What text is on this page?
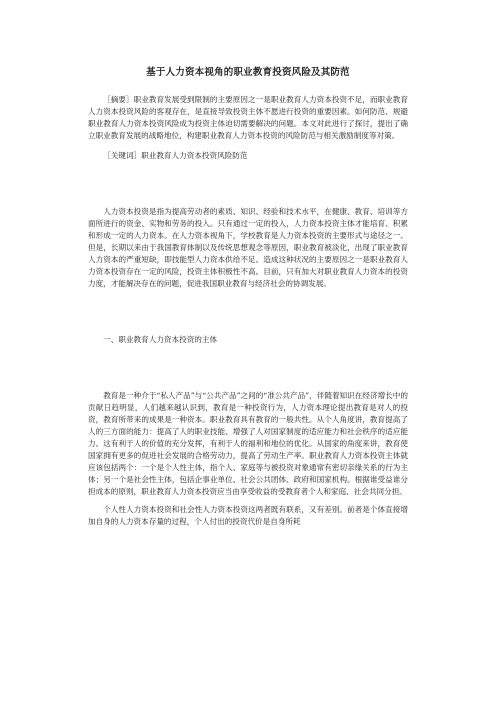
基于人力资本视角的职业教育投资风险及其防范

［摘要］职业教育发展受到限制的主要原因之一是职业教育人力资本投资不足，而职业教育人力资本投资风险的客观存在，是直接导致投资主体不愿进行投资的重要因素。如何防范、规避职业教育人力资本投资风险成为投资主体迫切需要解决的问题。本文对此进行了探讨，提出了确立职业教育发展的战略地位，构建职业教育人力资本投资的风险防范与相关激励制度等对策。

［关键词］职业教育人力资本投资风险防范

人力资本投资是指为提高劳动者的素质、知识、经验和技术水平，在健康、教育、培训等方面所进行的资金、实物和劳务的投入。只有通过一定的投入，人力资本投资主体才能培育、积累和形成一定的人力资本。在人力资本视角下，学校教育是人力资本投资的主要形式与途径之一。但是，长期以来由于我国教育体制以及传统思想观念等原因，职业教育被淡化，出现了职业教育人力资本的严重短缺，即技能型人力资本供给不足。造成这种状况的主要原因之一是职业教育人力资本投资存在一定的风险，投资主体积极性不高。目前，只有加大对职业教育人力资本的投资力度，才能解决存在的问题，促进我国职业教育与经济社会的协调发展。

一、职业教育人力资本投资的主体

教育是一种介于“私人产品”与“公共产品”之间的“准公共产品”，伴随着知识在经济增长中的贡献日趋明显，人们越来越认识到，教育是一种投资行为，人力资本理论提出教育是对人的投资，教育所带来的成果是一种资本。职业教育具有教育的一般共性。从个人角度讲，教育提高了人的三方面的能力：提高了人的职业技能、增强了人对国家制度的适应能力和社会秩序的适应能力。这有利于人的价值的充分发挥，有利于人的福利和地位的优化。从国家的角度来讲，教育使国家拥有更多的促进社会发展的合格劳动力，提高了劳动生产率。职业教育人力资本投资主体就应该包括两个：一个是个人性主体，指个人、家庭等与被投资对象通常有密切亲缘关系的行为主体；另一个是社会性主体，包括企事业单位、社会公共团体、政府和国家机构。根据谁受益谁分担成本的原则，职业教育人力资本投资应当由享受收益的受教育者个人和家庭、社会共同分担。

个人性人力资本投资和社会性人力资本投资这两者既有联系，又有差别。前者是个体直接增加自身的人力资本存量的过程，个人付出的投资代价是自身所耗
